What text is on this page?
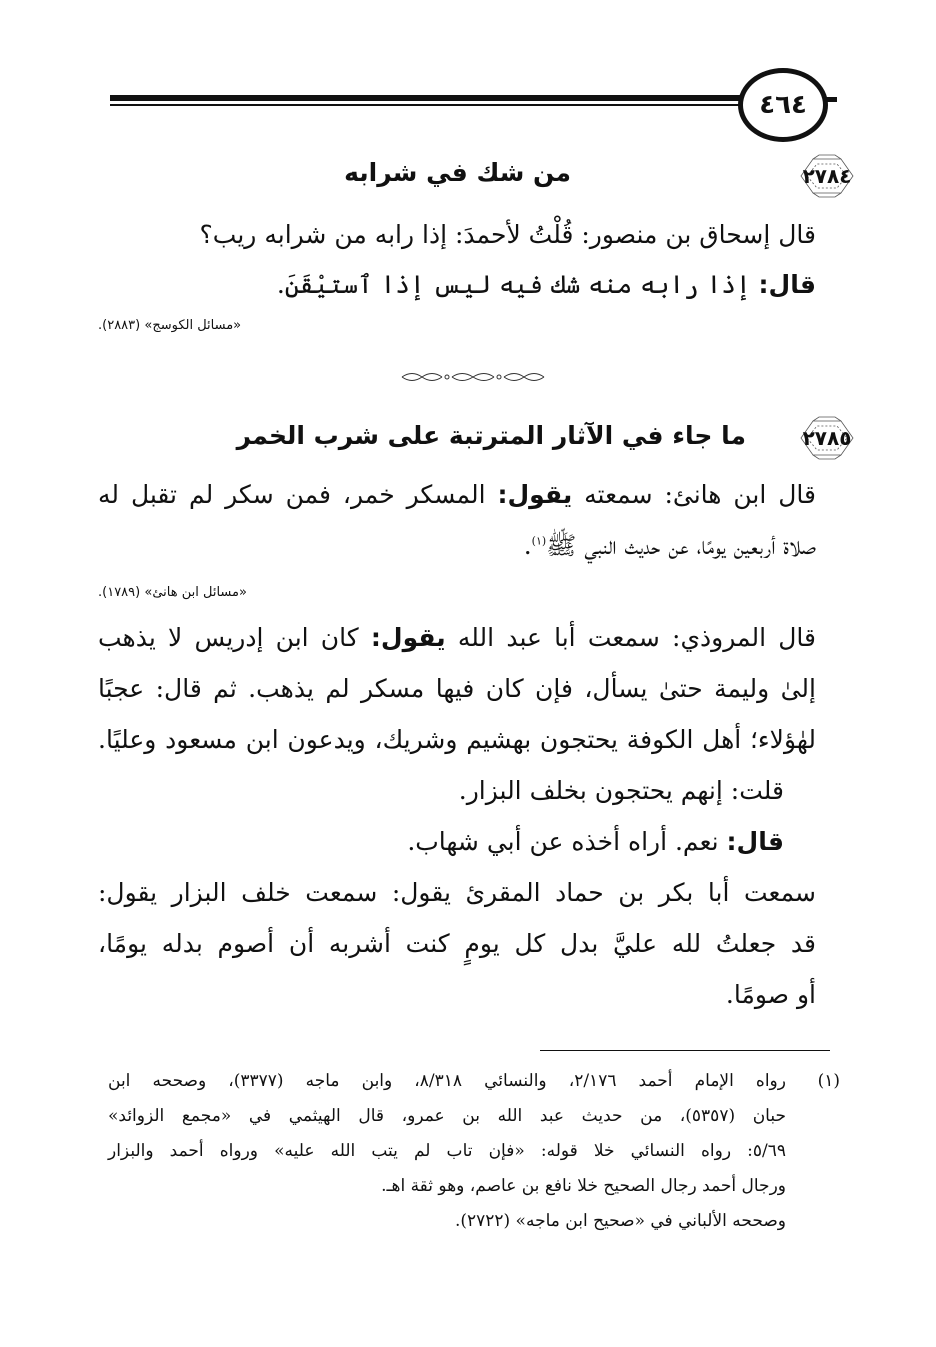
٤٦٤
٢٧٨٤
من شك في شرابه
قال إسحاق بن منصور: قُلْتُ لأحمدَ: إذا رابه من شرابه ريب؟
قال: إذا رابه منه شك فيه ليس إذا ٱستيْقَنَ.
«مسائل الكوسج» (٢٨٨٣).
٢٧٨٥
ما جاء في الآثار المترتبة على شرب الخمر
قال ابن هانئ: سمعته يقول: المسكر خمر، فمن سكر لم تقبل له
صلاة أربعين يومًا، عن حديث النبي ﷺ$^{(١)}$.
«مسائل ابن هانئ» (١٧٨٩).
قال المروذي: سمعت أبا عبد الله يقول: كان ابن إدريس لا يذهب
إلىٰ وليمة حتىٰ يسأل، فإن كان فيها مسكر لم يذهب. ثم قال: عجبًا
لهٰؤلاء؛ أهل الكوفة يحتجون بهشيم وشريك، ويدعون ابن مسعود وعليًا.
قلت: إنهم يحتجون بخلف البزار.
قال: نعم. أراه أخذه عن أبي شهاب.
سمعت أبا بكر بن حماد المقرئ يقول: سمعت خلف البزار يقول:
قد جعلتُ لله عليَّ بدل كل يومٍ كنت أشربه أن أصوم بدله يومًا،
أو صومًا.
(١)
رواه الإمام أحمد ٢/١٧٦، والنسائي ٨/٣١٨، وابن ماجه (٣٣٧٧)، وصححه ابن
حبان (٥٣٥٧)، من حديث عبد الله بن عمرو، قال الهيثمي في «مجمع الزوائد»
٥/٦٩: رواه النسائي خلا قوله: «فإن تاب لم يتب الله عليه» ورواه أحمد والبزار
ورجال أحمد رجال الصحيح خلا نافع بن عاصم، وهو ثقة اهـ.
وصححه الألباني في «صحيح ابن ماجه» (٢٧٢٢).
